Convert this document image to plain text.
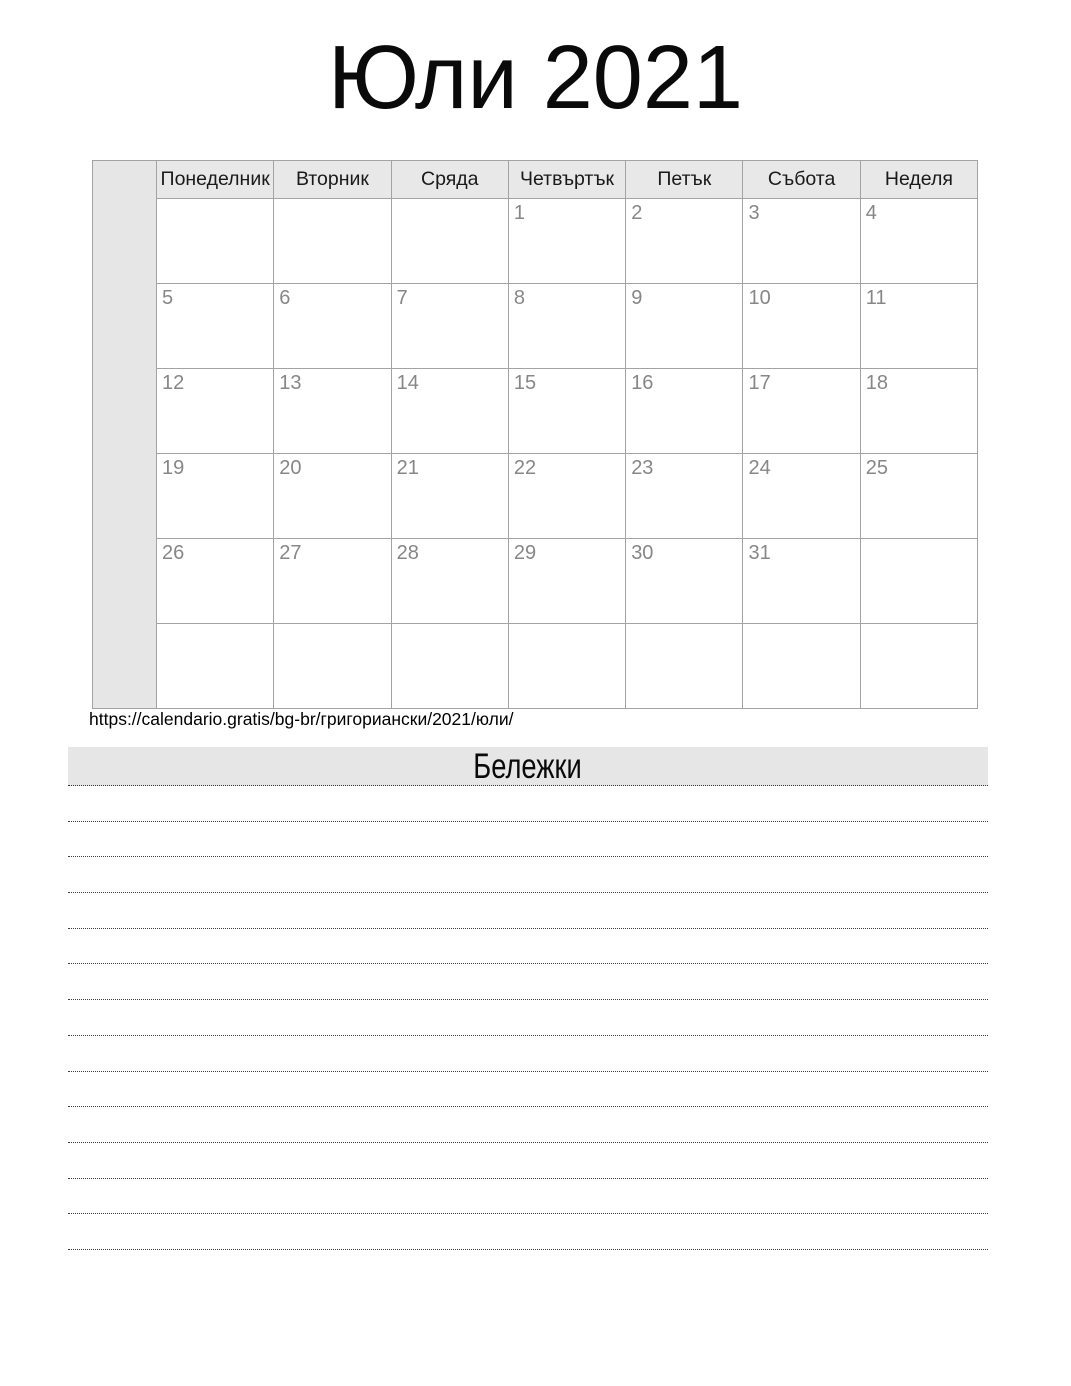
Юли 2021
	Понеделник	Вторник	Сряда	Четвъртък	Петък	Събота	Неделя
				1	2	3	4
	5	6	7	8	9	10	11
	12	13	14	15	16	17	18
	19	20	21	22	23	24	25
	26	27	28	29	30	31	

https://calendario.gratis/bg-br/григориански/2021/юли/
Бележки
